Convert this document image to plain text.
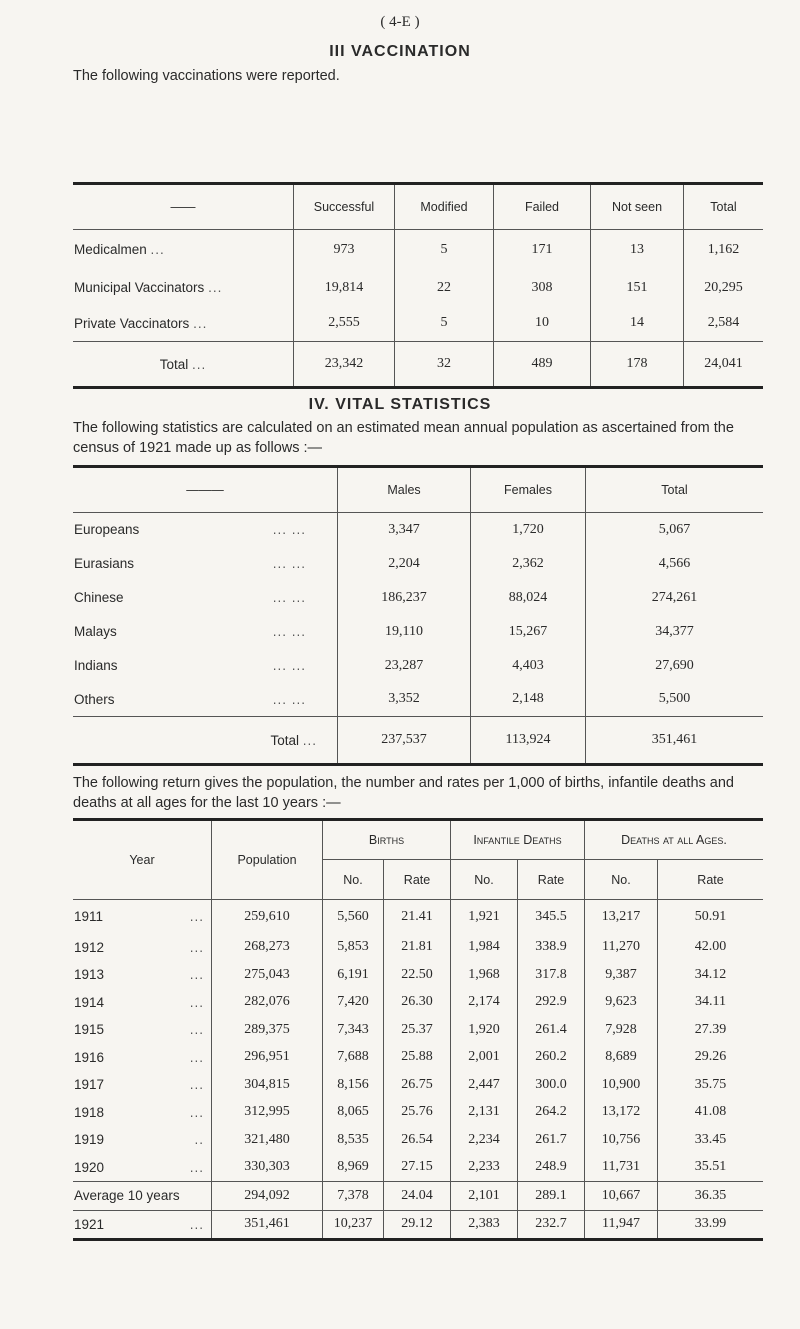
( 4-E )
III VACCINATION
The following vaccinations were reported.
——	Successful	Modified	Failed	Not seen	Total
Medicalmen ...	973	5	171	13	1,162
Municipal Vaccinators ...	19,814	22	308	151	20,295
Private Vaccinators ...	2,555	5	10	14	2,584
Total ...	23,342	32	489	178	24,041
IV. VITAL STATISTICS
The following statistics are calculated on an estimated mean annual population as ascertained from the census of 1921 made up as follows :—
———	Males	Females	Total
Europeans ... ...	3,347	1,720	5,067
Eurasians ... ...	2,204	2,362	4,566
Chinese ... ...	186,237	88,024	274,261
Malays ... ...	19,110	15,267	34,377
Indians ... ...	23,287	4,403	27,690
Others ... ...	3,352	2,148	5,500
Total ...	237,537	113,924	351,461
The following return gives the population, the number and rates per 1,000 of births, infantile deaths and deaths at all ages for the last 10 years :—
Year	Population	Births		Infantile Deaths		Deaths at all Ages.	
		No.	Rate	No.	Rate	No.	Rate
1911 ...	259,610	5,560	21.41	1,921	345.5	13,217	50.91
1912 ...	268,273	5,853	21.81	1,984	338.9	11,270	42.00
1913 ...	275,043	6,191	22.50	1,968	317.8	9,387	34.12
1914 ...	282,076	7,420	26.30	2,174	292.9	9,623	34.11
1915 ...	289,375	7,343	25.37	1,920	261.4	7,928	27.39
1916 ...	296,951	7,688	25.88	2,001	260.2	8,689	29.26
1917 ...	304,815	8,156	26.75	2,447	300.0	10,900	35.75
1918 ...	312,995	8,065	25.76	2,131	264.2	13,172	41.08
1919 ..	321,480	8,535	26.54	2,234	261.7	10,756	33.45
1920 ...	330,303	8,969	27.15	2,233	248.9	11,731	35.51
Average 10 years	294,092	7,378	24.04	2,101	289.1	10,667	36.35
1921 ...	351,461	10,237	29.12	2,383	232.7	11,947	33.99
